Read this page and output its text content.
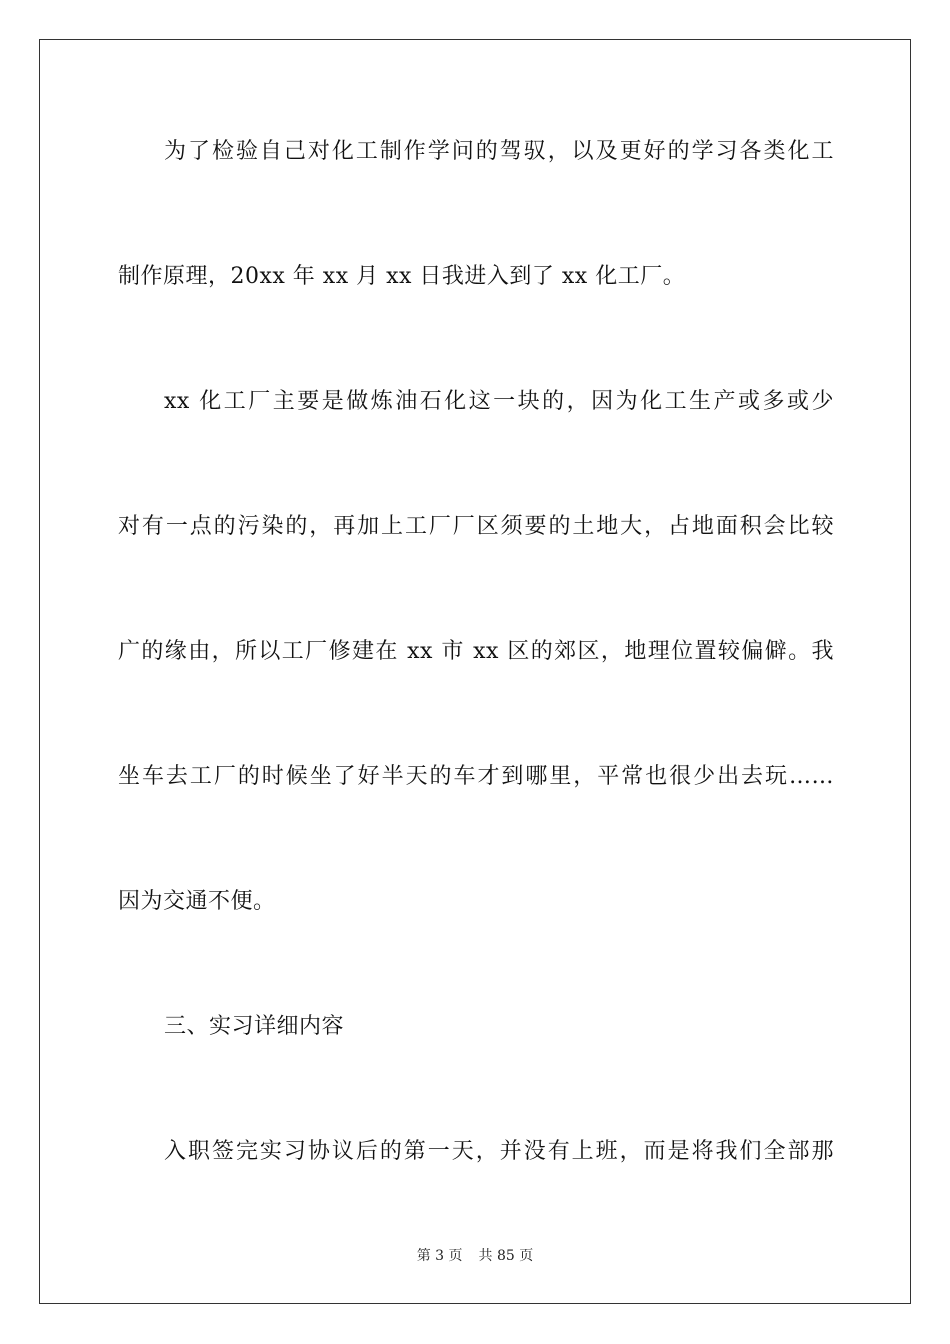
为了检验自己对化工制作学问的驾驭，以及更好的学习各类化工
制作原理，20xx 年 xx 月 xx 日我进入到了 xx 化工厂。
xx 化工厂主要是做炼油石化这一块的，因为化工生产或多或少
对有一点的污染的，再加上工厂厂区须要的土地大，占地面积会比较
广的缘由，所以工厂修建在 xx 市 xx 区的郊区，地理位置较偏僻。我
坐车去工厂的时候坐了好半天的车才到哪里，平常也很少出去玩……
因为交通不便。
三、实习详细内容
入职签完实习协议后的第一天，并没有上班，而是将我们全部那
第 3 页 共 85 页
